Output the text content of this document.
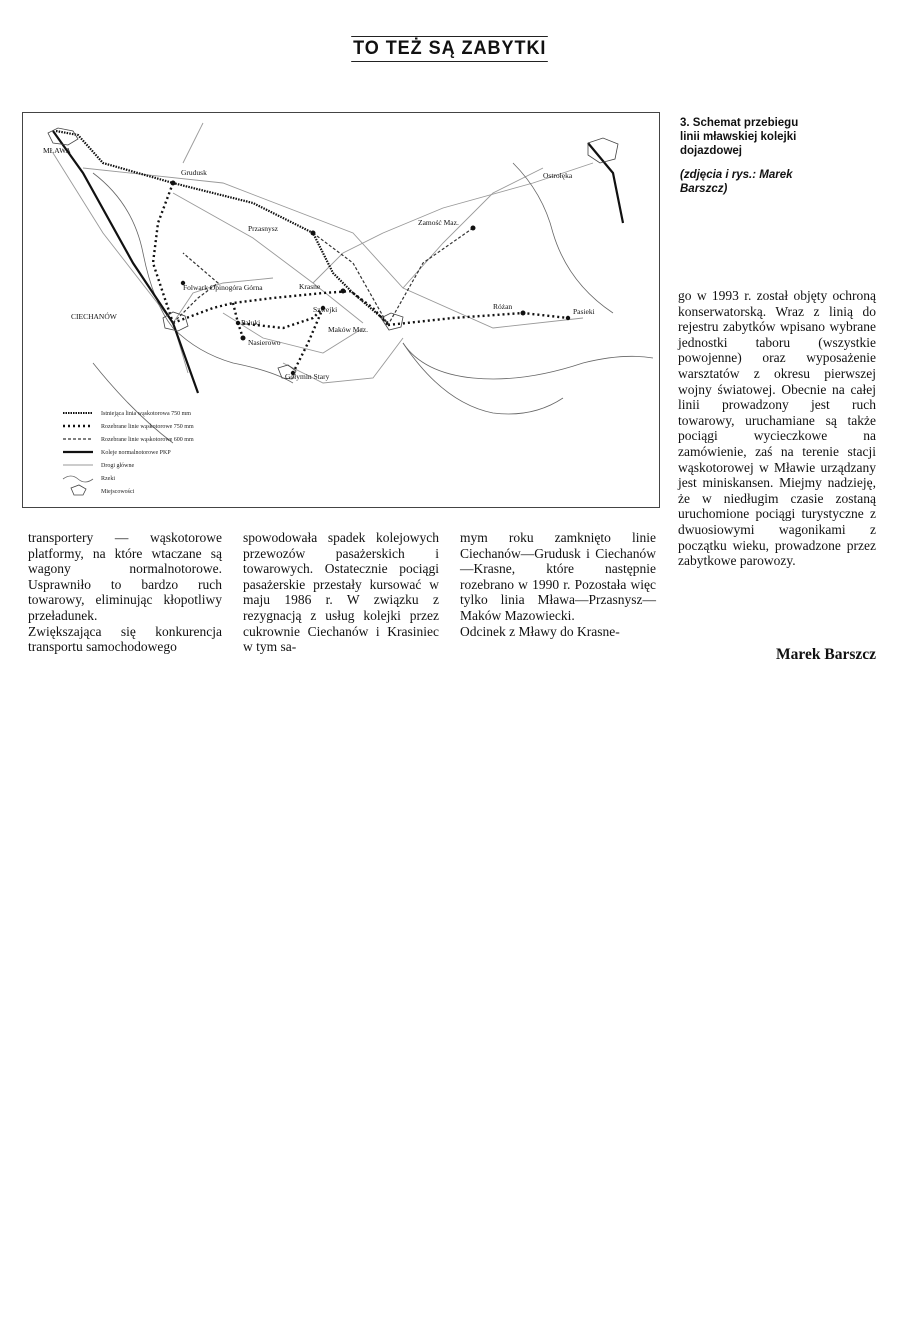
TO TEŻ SĄ ZABYTKI
MŁAWA
Grudusk
Przasnysz
Zamość Maz.
Ostrołęka
Folwark Opinogóra Górna	Krasne
CIECHANÓW
Szwejki
Pałuki
Maków Maz.
Różan
Pasieki
Nasierowo
Gołymin Stary
Istniejąca linia wąskotorowa 750 mm
Rozebrane linie wąskotorowe 750 mm
Rozebrane linie wąskotorowe 600 mm
Koleje normalnotorowe PKP
Drogi główne
Rzeki
Miejscowości
3. Schemat przebiegu linii mławskiej kolejki dojazdowej
(zdjęcia i rys.: Marek Barszcz)

transportery — wąskotorowe platformy, na które wtaczane są wagony normalnotorowe. Usprawniło to bardzo ruch towarowy, eliminując kłopotliwy przeładunek.

Zwiększająca się konkurencja transportu samochodowego

spowodowała spadek kolejowych przewozów pasażerskich i towarowych. Ostatecznie pociągi pasażerskie przestały kursować w maju 1986 r. W związku z rezygnacją z usług kolejki przez cukrownie Ciechanów i Krasiniec w tym sa-

mym roku zamknięto linie Ciechanów—Grudusk i Ciechanów—Krasne, które następnie rozebrano w 1990 r. Pozostała więc tylko linia Mława—Przasnysz—Maków Mazowiecki.

Odcinek z Mławy do Krasne-

go w 1993 r. został objęty ochroną konserwatorską. Wraz z linią do rejestru zabytków wpisano wybrane jednostki taboru (wszystkie powojenne) oraz wyposażenie warsztatów z okresu pierwszej wojny światowej. Obecnie na całej linii prowadzony jest ruch towarowy, uruchamiane są także pociągi wycieczkowe na zamówienie, zaś na terenie stacji wąskotorowej w Mławie urządzany jest miniskansen. Miejmy nadzieję, że w niedługim czasie zostaną uruchomione pociągi turystyczne z dwuosiowymi wagonikami z początku wieku, prowadzone przez zabytkowe parowozy.

Marek Barszcz
